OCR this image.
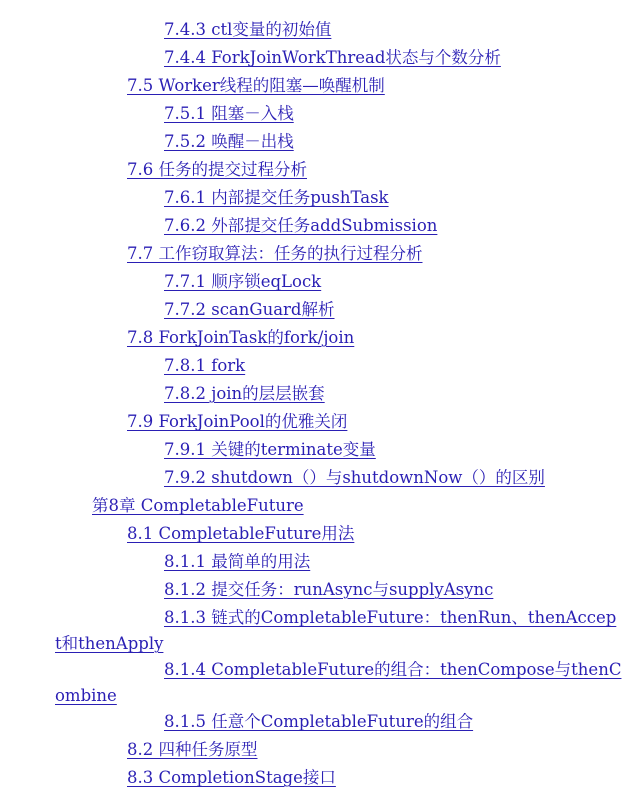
7.4.3 ctl变量的初始值
7.4.4 ForkJoinWorkThread状态与个数分析
7.5 Worker线程的阻塞—唤醒机制
7.5.1 阻塞－入栈
7.5.2 唤醒－出栈
7.6 任务的提交过程分析
7.6.1 内部提交任务pushTask
7.6.2 外部提交任务addSubmission
7.7 工作窃取算法：任务的执行过程分析
7.7.1 顺序锁eqLock
7.7.2 scanGuard解析
7.8 ForkJoinTask的fork/join
7.8.1 fork
7.8.2 join的层层嵌套
7.9 ForkJoinPool的优雅关闭
7.9.1 关键的terminate变量
7.9.2 shutdown（）与shutdownNow（）的区别
第8章 CompletableFuture
8.1 CompletableFuture用法
8.1.1 最简单的用法
8.1.2 提交任务：runAsync与supplyAsync
8.1.3 链式的CompletableFuture：thenRun、thenAccep
t和thenApply
8.1.4 CompletableFuture的组合：thenCompose与thenC
ombine
8.1.5 任意个CompletableFuture的组合
8.2 四种任务原型
8.3 CompletionStage接口
